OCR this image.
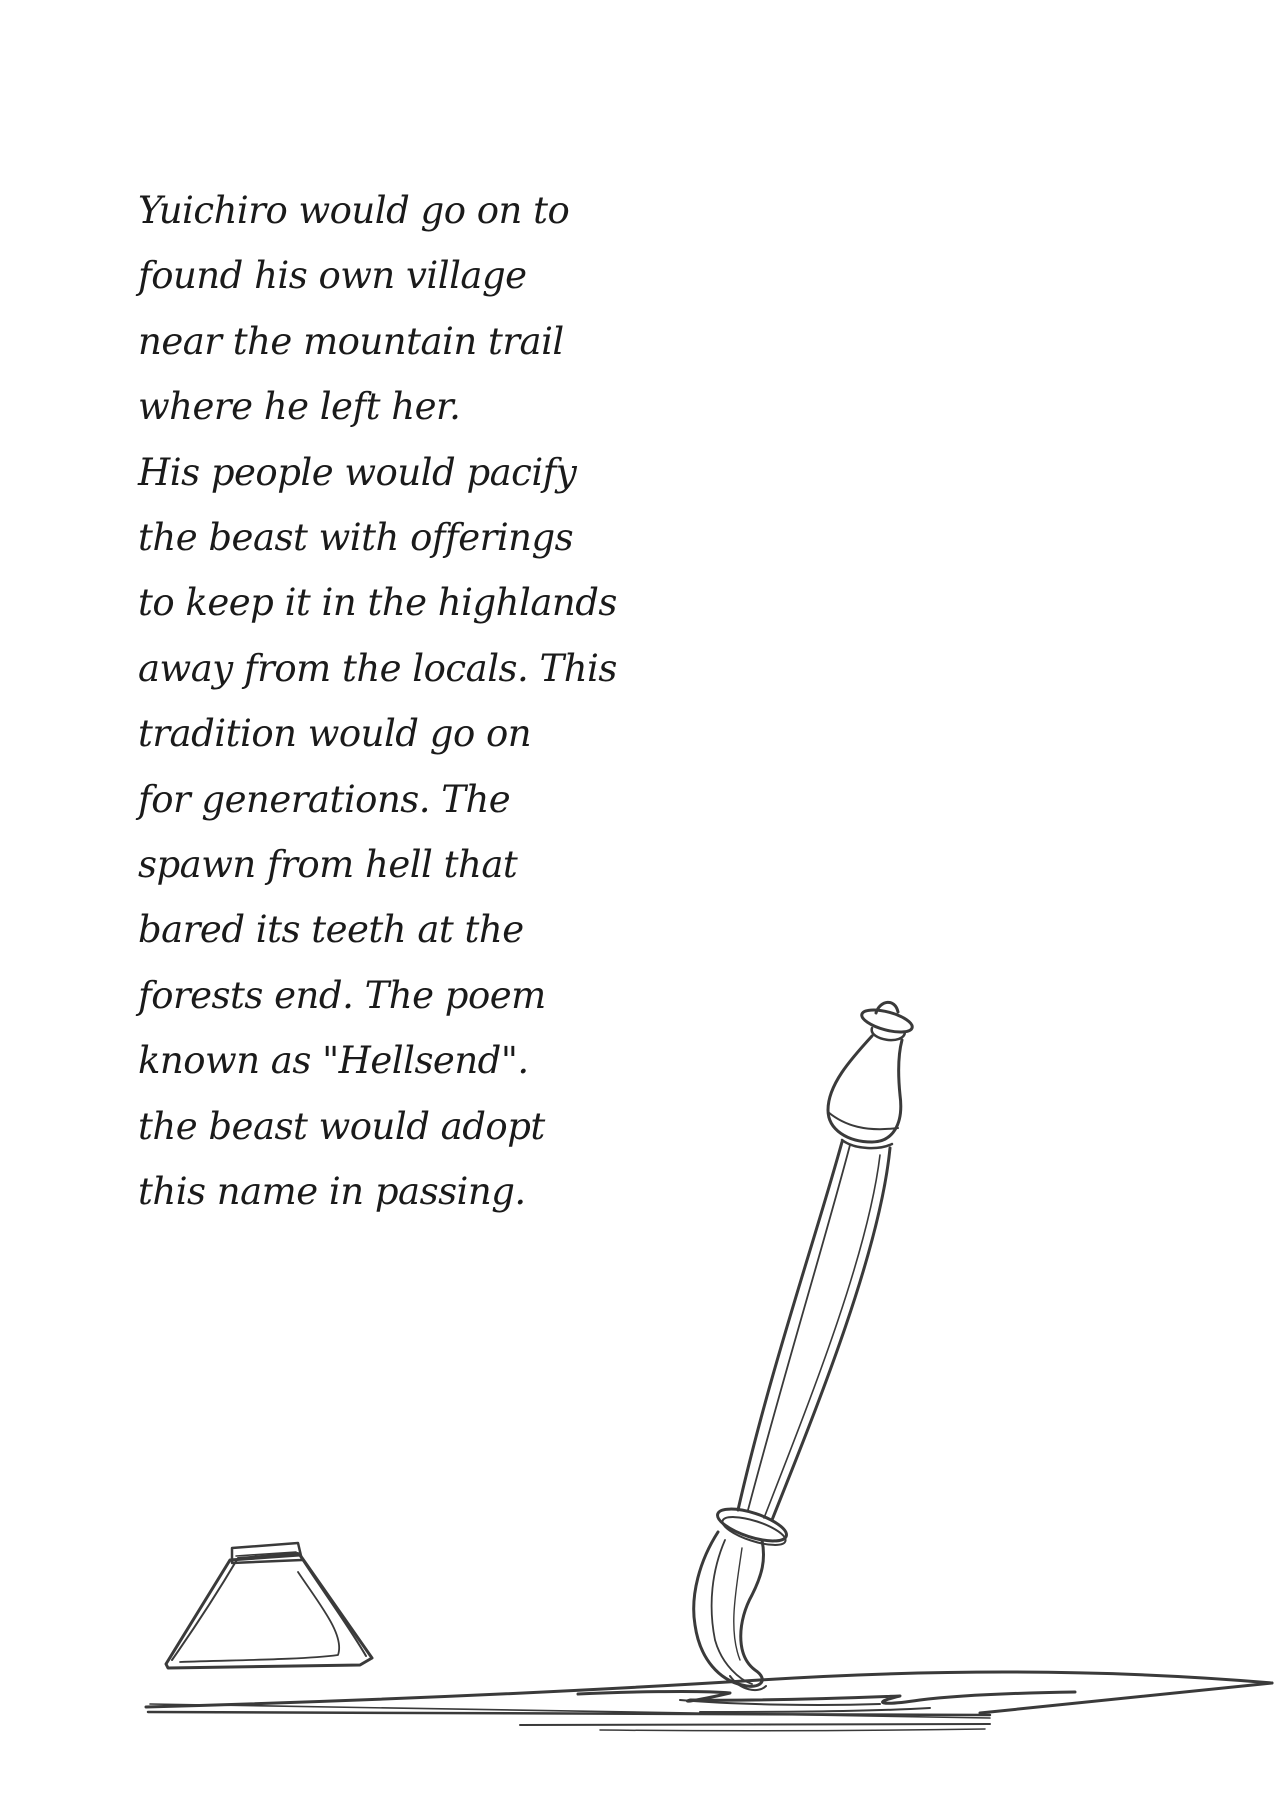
Yuichiro would go on to
found his own village
near the mountain trail
where he left her.
His people would pacify
the beast with offerings
to keep it in the highlands
away from the locals. This
tradition would go on
for generations. The
spawn from hell that
bared its teeth at the
forests end. The poem
known as "Hellsend".
the beast would adopt
this name in passing.
